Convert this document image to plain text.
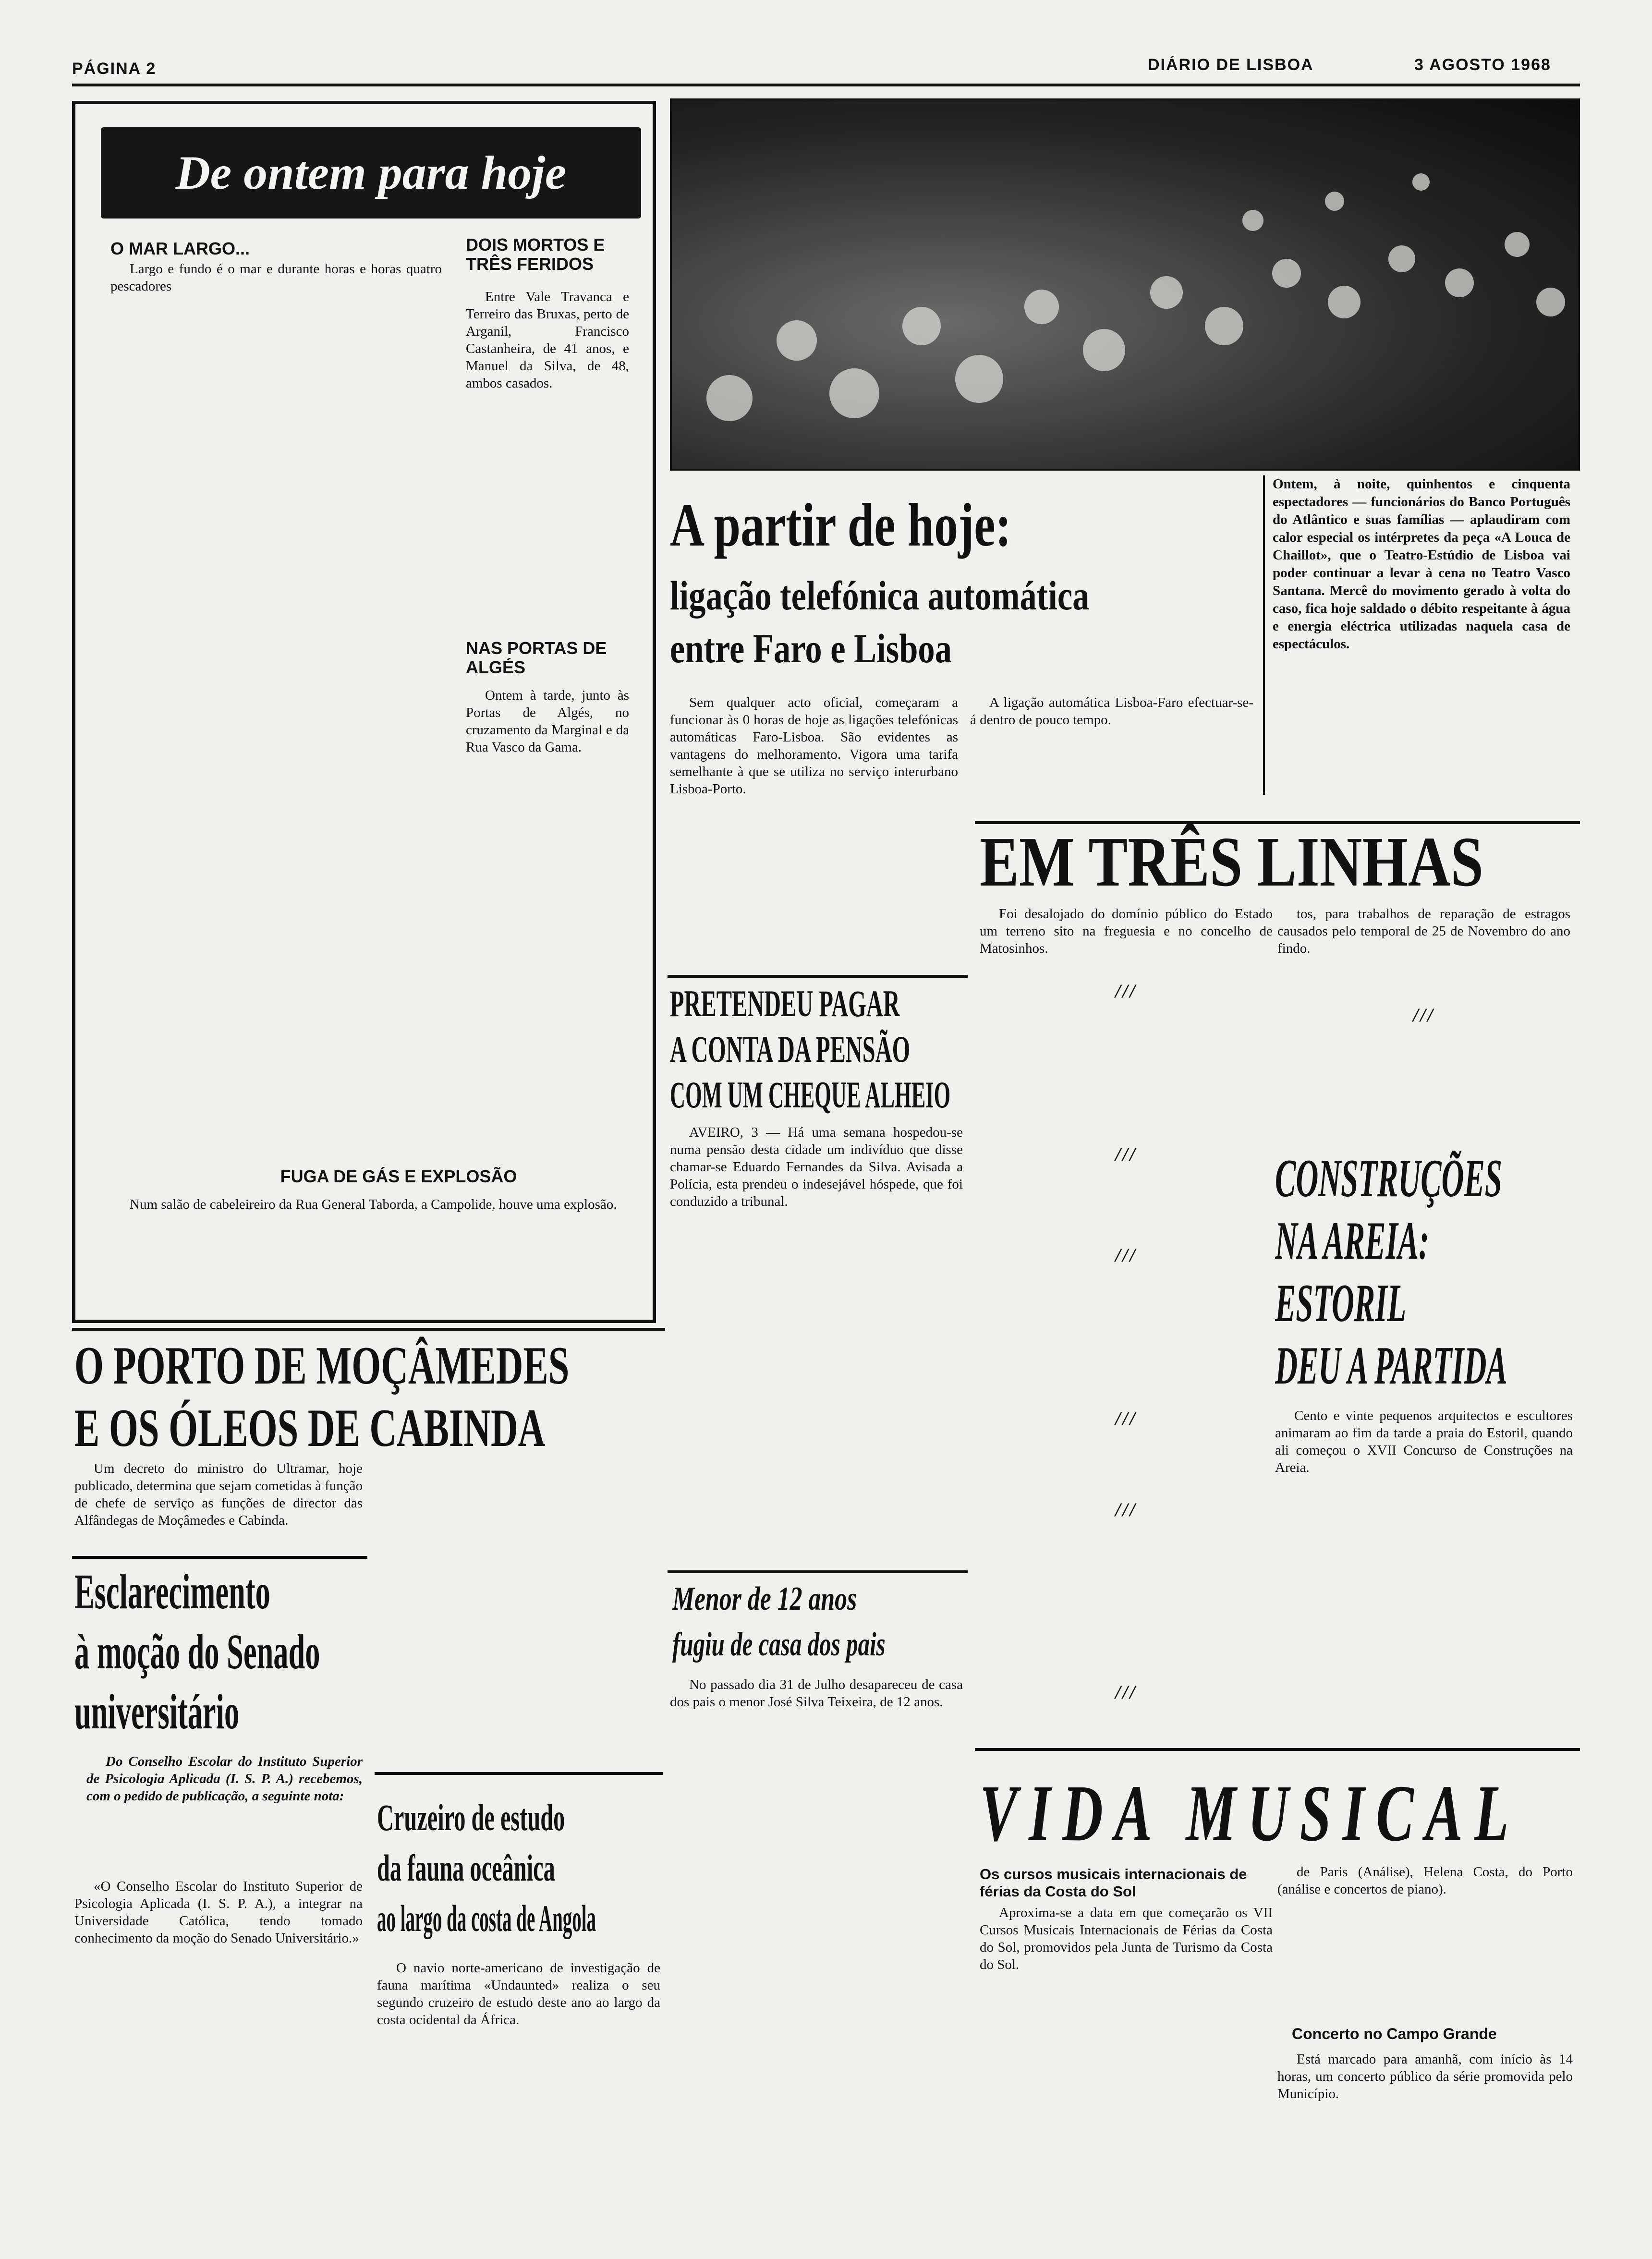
PÁGINA 2	DIÁRIO DE LISBOA	3 AGOSTO 1968
De ontem para hoje
O MAR LARGO...

Largo e fundo é o mar e durante horas e horas quatro pescadores

DOIS MORTOS E TRÊS FERIDOS

Entre Vale Travanca e Terreiro das Bruxas, perto de Arganil, Francisco Castanheira, de 41 anos, e Manuel da Silva, de 48, ambos casados.

NAS PORTAS DE ALGÉS

Ontem à tarde, junto às Portas de Algés, no cruzamento da Marginal e da Rua Vasco da Gama.

FUGA DE GÁS E EXPLOSÃO

Num salão de cabeleireiro da Rua General Taborda, a Campolide, houve uma explosão.

Ontem, à noite, quinhentos e cinquenta espectadores — funcionários do Banco Português do Atlântico e suas famílias — aplaudiram com calor especial os intérpretes da peça «A Louca de Chaillot», que o Teatro-Estúdio de Lisboa vai poder continuar a levar à cena no Teatro Vasco Santana. Mercê do movimento gerado à volta do caso, fica hoje saldado o débito respeitante à água e energia eléctrica utilizadas naquela casa de espectáculos.
A partir de hoje:
ligação telefónica automática
entre Faro e Lisboa

Sem qualquer acto oficial, começaram a funcionar às 0 horas de hoje as ligações telefónicas automáticas Faro-Lisboa. São evidentes as vantagens do melhoramento. Vigora uma tarifa semelhante à que se utiliza no serviço interurbano Lisboa-Porto.

A ligação automática Lisboa-Faro efectuar-se-á dentro de pouco tempo.

PRETENDEU PAGAR
A CONTA DA PENSÃO
COM UM CHEQUE ALHEIO

AVEIRO, 3 — Há uma semana hospedou-se numa pensão desta cidade um indivíduo que disse chamar-se Eduardo Fernandes da Silva. Avisada a Polícia, esta prendeu o indesejável hóspede, que foi conduzido a tribunal.

EM TRÊS LINHAS

Foi desalojado do domínio público do Estado um terreno sito na freguesia e no concelho de Matosinhos.

///
///
///
///
///
///

tos, para trabalhos de reparação de estragos causados pelo temporal de 25 de Novembro do ano findo.

///
CONSTRUÇÕES
NA AREIA:
ESTORIL
DEU A PARTIDA

Cento e vinte pequenos arquitectos e escultores animaram ao fim da tarde a praia do Estoril, quando ali começou o XVII Concurso de Construções na Areia.

O PORTO DE MOÇÂMEDES
E OS ÓLEOS DE CABINDA

Um decreto do ministro do Ultramar, hoje publicado, determina que sejam cometidas à função de chefe de serviço as funções de director das Alfândegas de Moçâmedes e Cabinda.

Esclarecimento
à moção do Senado
universitário

Do Conselho Escolar do Instituto Superior de Psicologia Aplicada (I. S. P. A.) recebemos, com o pedido de publicação, a seguinte nota:

«O Conselho Escolar do Instituto Superior de Psicologia Aplicada (I. S. P. A.), a integrar na Universidade Católica, tendo tomado conhecimento da moção do Senado Universitário.»

Menor de 12 anos
fugiu de casa dos pais

No passado dia 31 de Julho desapareceu de casa dos pais o menor José Silva Teixeira, de 12 anos.

Cruzeiro de estudo
da fauna oceânica
ao largo da costa de Angola

O navio norte-americano de investigação de fauna marítima «Undaunted» realiza o seu segundo cruzeiro de estudo deste ano ao largo da costa ocidental da África.

VIDA MUSICAL
Os cursos musicais internacionais de férias da Costa do Sol

Aproxima-se a data em que começarão os VII Cursos Musicais Internacionais de Férias da Costa do Sol, promovidos pela Junta de Turismo da Costa do Sol.

de Paris (Análise), Helena Costa, do Porto (análise e concertos de piano).

Concerto no Campo Grande

Está marcado para amanhã, com início às 14 horas, um concerto público da série promovida pelo Município.
